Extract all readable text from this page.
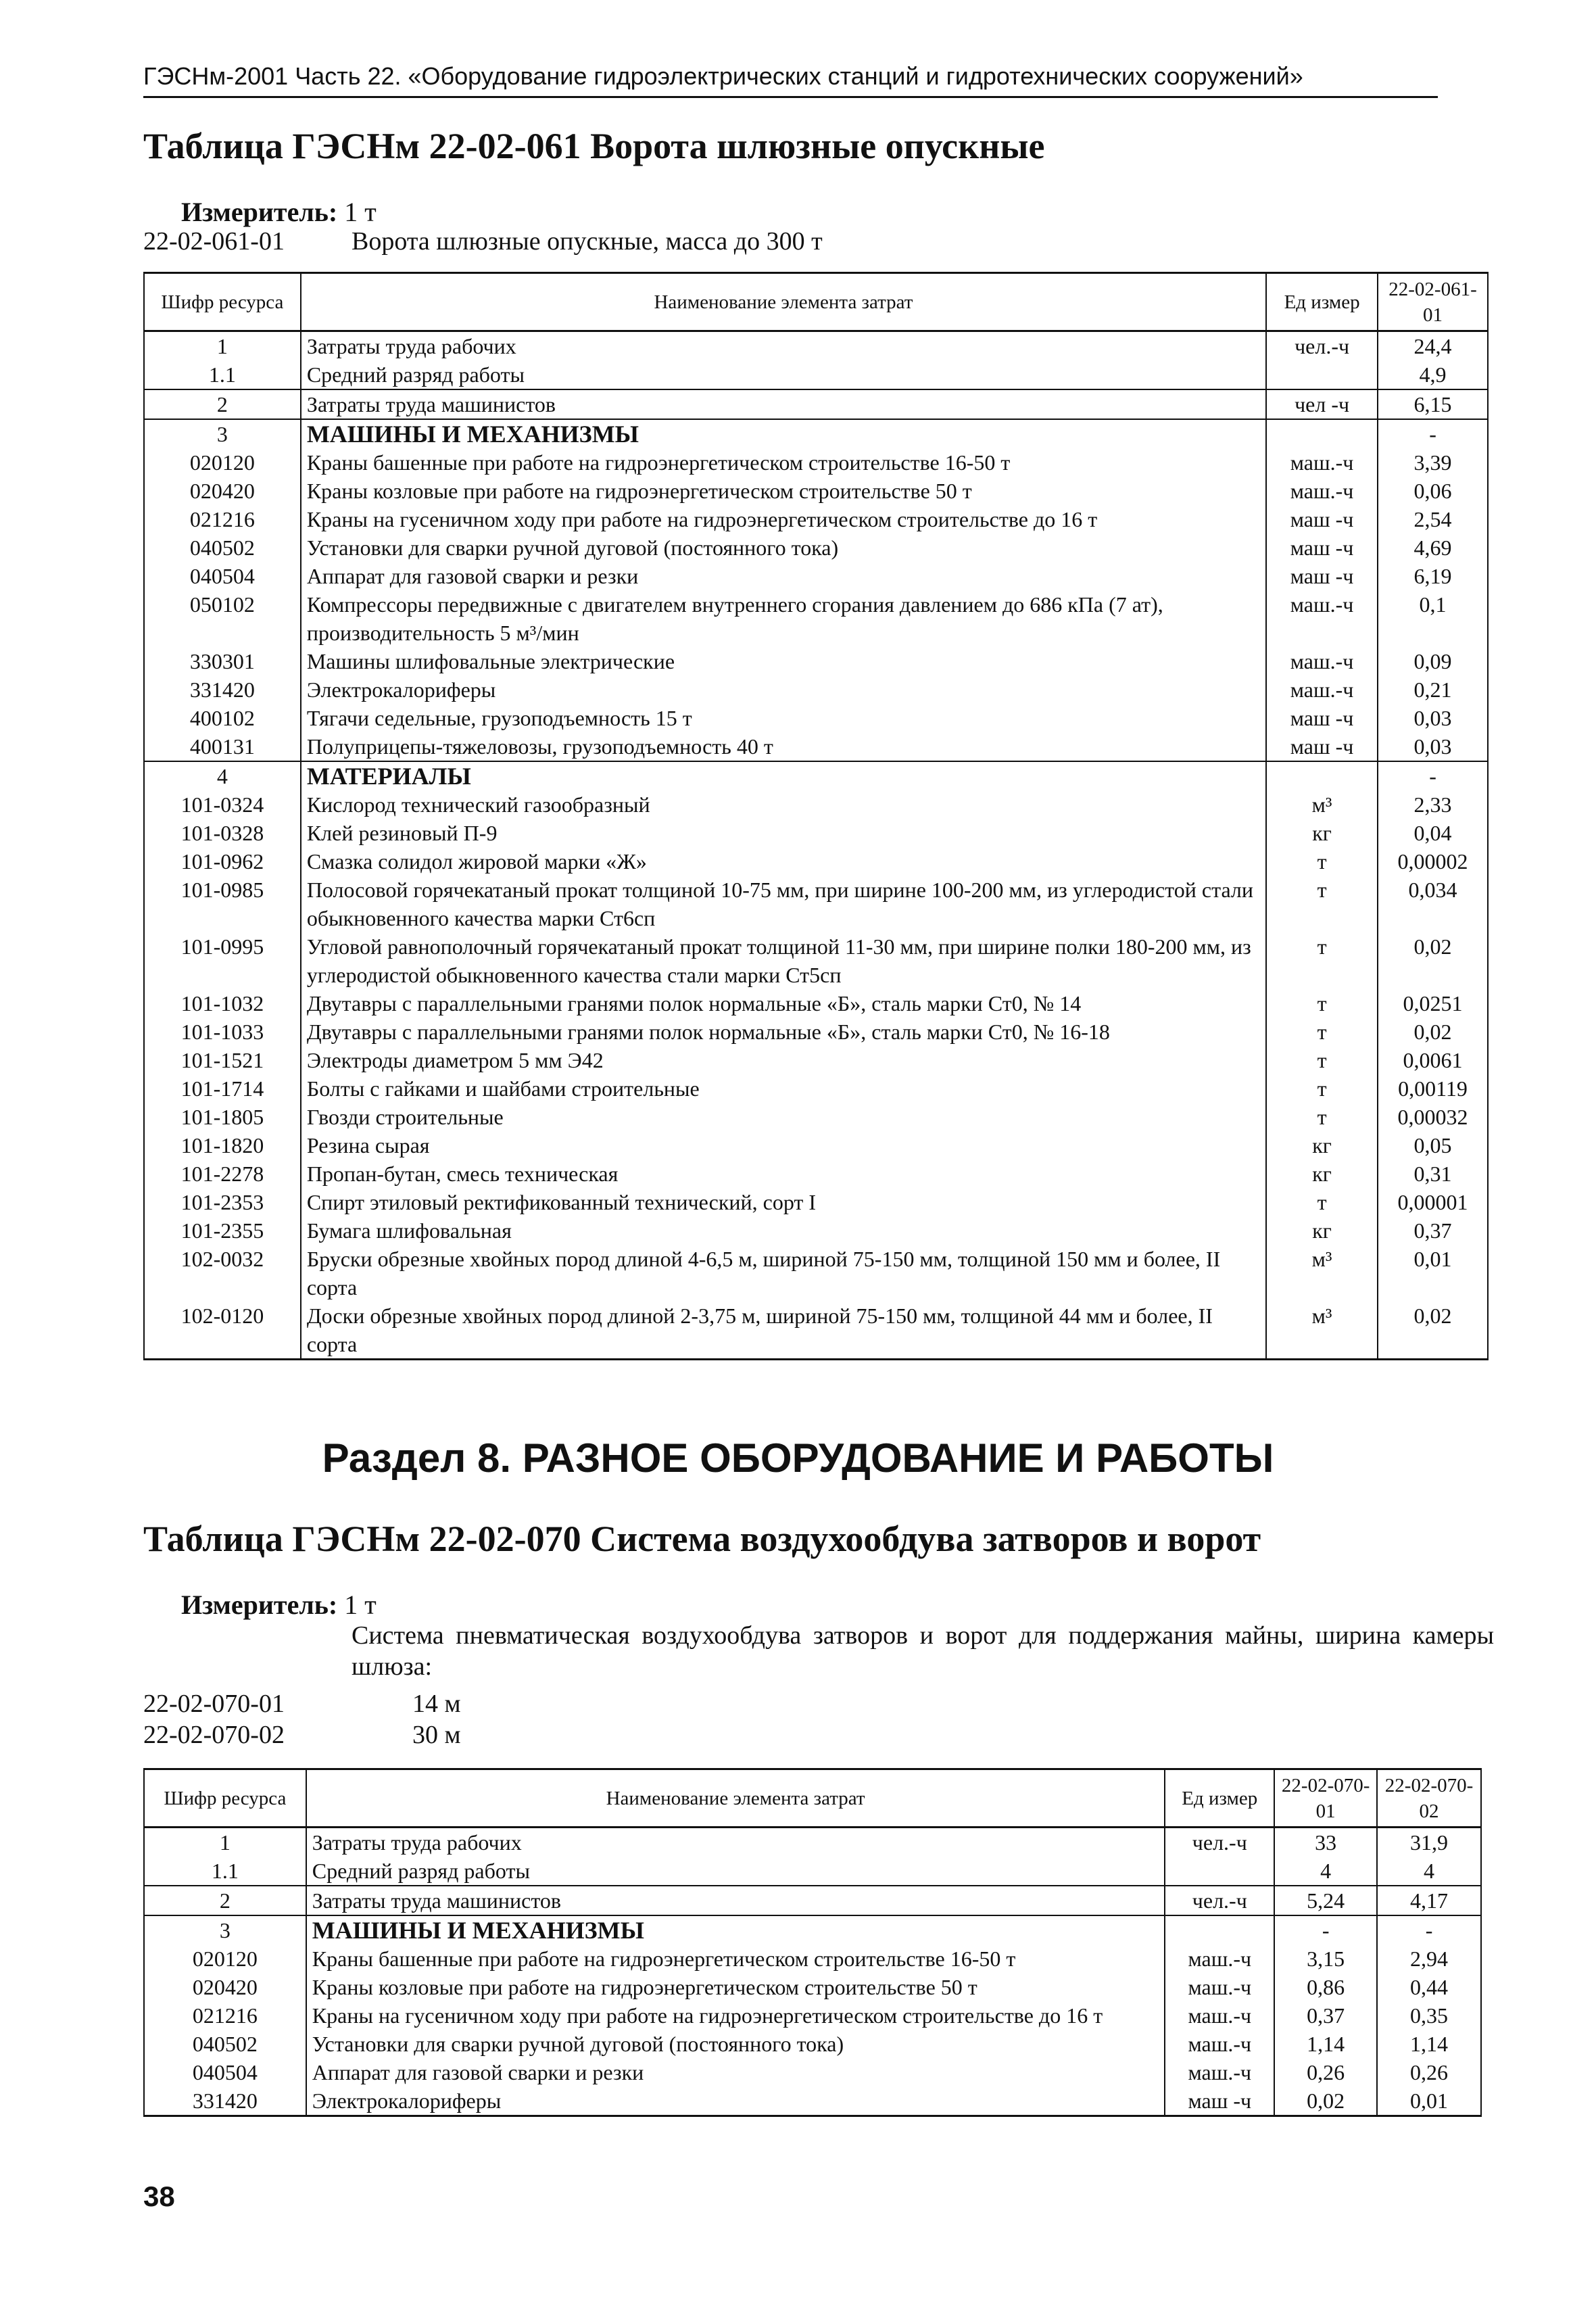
ГЭСНм-2001 Часть 22. «Оборудование гидроэлектрических станций и гидротехнических сооружений»
Таблица ГЭСНм 22-02-061 Ворота шлюзные опускные
Измеритель: 1 т
22-02-061-01	Ворота шлюзные опускные, масса до 300 т
Шифр ресурса	Наименование элемента затрат	Ед измер	22-02-061-01
1	Затраты труда рабочих	чел.-ч	24,4
1.1	Средний разряд работы		4,9
2	Затраты труда машинистов	чел -ч	6,15
3	МАШИНЫ И МЕХАНИЗМЫ		-
020120	Краны башенные при работе на гидроэнергетическом строительстве 16-50 т	маш.-ч	3,39
020420	Краны козловые при работе на гидроэнергетическом строительстве 50 т	маш.-ч	0,06
021216	Краны на гусеничном ходу при работе на гидроэнергетическом строительстве до 16 т	маш -ч	2,54
040502	Установки для сварки ручной дуговой (постоянного тока)	маш -ч	4,69
040504	Аппарат для газовой сварки и резки	маш -ч	6,19
050102	Компрессоры передвижные с двигателем внутреннего сгорания давлением до 686 кПа (7 ат), производительность 5 м³/мин	маш.-ч	0,1
330301	Машины шлифовальные электрические	маш.-ч	0,09
331420	Электрокалориферы	маш.-ч	0,21
400102	Тягачи седельные, грузоподъемность 15 т	маш -ч	0,03
400131	Полуприцепы-тяжеловозы, грузоподъемность 40 т	маш -ч	0,03
4	МАТЕРИАЛЫ		-
101-0324	Кислород технический газообразный	м³	2,33
101-0328	Клей резиновый П-9	кг	0,04
101-0962	Смазка солидол жировой марки «Ж»	т	0,00002
101-0985	Полосовой горячекатаный прокат толщиной 10-75 мм, при ширине 100-200 мм, из углеродистой стали обыкновенного качества марки Ст6сп	т	0,034
101-0995	Угловой равнополочный горячекатаный прокат толщиной 11-30 мм, при ширине полки 180-200 мм, из углеродистой обыкновенного качества стали марки Ст5сп	т	0,02
101-1032	Двутавры с параллельными гранями полок нормальные «Б», сталь марки Ст0, № 14	т	0,0251
101-1033	Двутавры с параллельными гранями полок нормальные «Б», сталь марки Ст0, № 16-18	т	0,02
101-1521	Электроды диаметром 5 мм Э42	т	0,0061
101-1714	Болты с гайками и шайбами строительные	т	0,00119
101-1805	Гвозди строительные	т	0,00032
101-1820	Резина сырая	кг	0,05
101-2278	Пропан-бутан, смесь техническая	кг	0,31
101-2353	Спирт этиловый ректификованный технический, сорт I	т	0,00001
101-2355	Бумага шлифовальная	кг	0,37
102-0032	Бруски обрезные хвойных пород длиной 4-6,5 м, шириной 75-150 мм, толщиной 150 мм и более, II сорта	м³	0,01
102-0120	Доски обрезные хвойных пород длиной 2-3,75 м, шириной 75-150 мм, толщиной 44 мм и более, II сорта	м³	0,02
Раздел 8. РАЗНОЕ ОБОРУДОВАНИЕ И РАБОТЫ
Таблица ГЭСНм 22-02-070 Система воздухообдува затворов и ворот
Измеритель: 1 т
Система пневматическая воздухообдува затворов и ворот для поддержания майны, ширина камеры шлюза:
22-02-070-01	14 м
22-02-070-02	30 м
Шифр ресурса	Наименование элемента затрат	Ед измер	22-02-070-01	22-02-070-02
1	Затраты труда рабочих	чел.-ч	33	31,9
1.1	Средний разряд работы		4	4
2	Затраты труда машинистов	чел.-ч	5,24	4,17
3	МАШИНЫ И МЕХАНИЗМЫ		-	-
020120	Краны башенные при работе на гидроэнергетическом строительстве 16-50 т	маш.-ч	3,15	2,94
020420	Краны козловые при работе на гидроэнергетическом строительстве 50 т	маш.-ч	0,86	0,44
021216	Краны на гусеничном ходу при работе на гидроэнергетическом строительстве до 16 т	маш.-ч	0,37	0,35
040502	Установки для сварки ручной дуговой (постоянного тока)	маш.-ч	1,14	1,14
040504	Аппарат для газовой сварки и резки	маш.-ч	0,26	0,26
331420	Электрокалориферы	маш -ч	0,02	0,01
38
